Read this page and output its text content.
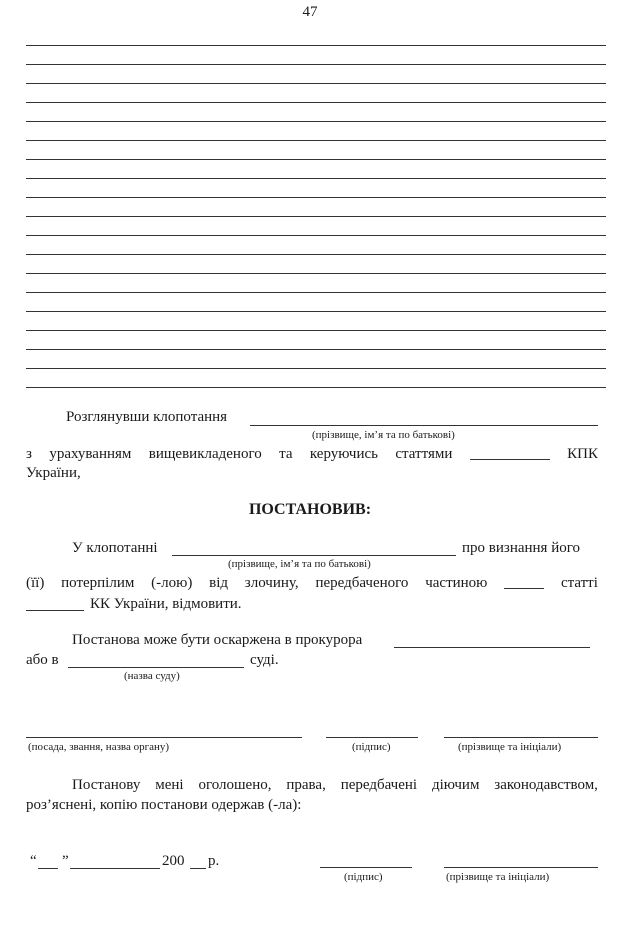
47
Розглянувши клопотання
(прізвище, ім’я та по батькові)
з урахуванням вищевикладеного та керуючись статтями	КПК
України,
ПОСТАНОВИВ:
У клопотанні	про визнання його
(прізвище, ім’я та по батькові)
(її) потерпілим (-лою) від злочину, передбаченого частиною	статті
КК України, відмовити.
Постанова може бути оскаржена в прокурора
або в	суді.
(назва суду)
(посада, звання, назва органу)	(підпис)	(прізвище та ініціали)
Постанову мені оголошено, права, передбачені діючим законодавством,
роз’яснені, копію постанови одержав (-ла):
“ ”	200 р.
(підпис)	(прізвище та ініціали)
